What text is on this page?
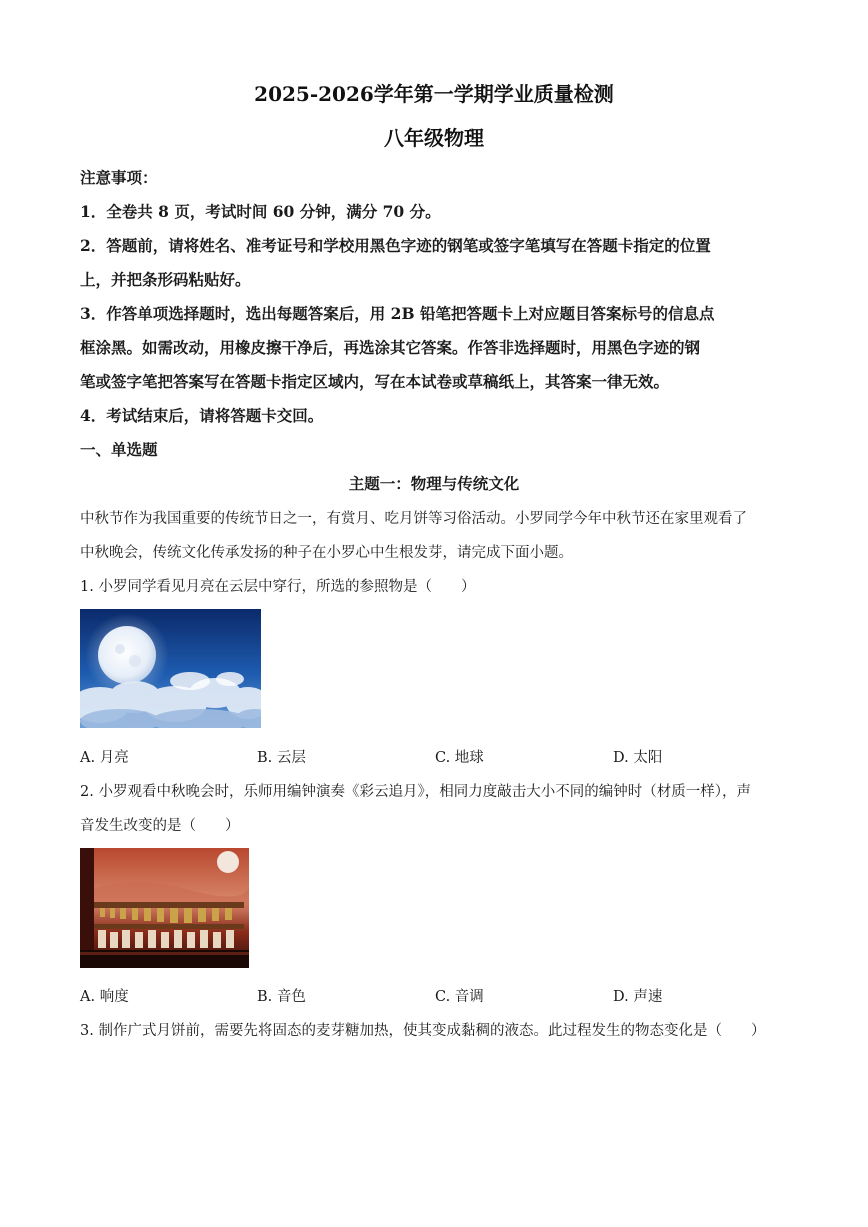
2025-2026学年第一学期学业质量检测
八年级物理
注意事项：
1．全卷共 8 页，考试时间 60 分钟，满分 70 分。
2．答题前，请将姓名、准考证号和学校用黑色字迹的钢笔或签字笔填写在答题卡指定的位置
上，并把条形码粘贴好。
3．作答单项选择题时，选出每题答案后，用 2B 铅笔把答题卡上对应题目答案标号的信息点
框涂黑。如需改动，用橡皮擦干净后，再选涂其它答案。作答非选择题时，用黑色字迹的钢
笔或签字笔把答案写在答题卡指定区域内，写在本试卷或草稿纸上，其答案一律无效。
4．考试结束后，请将答题卡交回。
一、单选题
主题一：物理与传统文化
中秋节作为我国重要的传统节日之一，有赏月、吃月饼等习俗活动。小罗同学今年中秋节还在家里观看了
中秋晚会，传统文化传承发扬的种子在小罗心中生根发芽，请完成下面小题。
1. 小罗同学看见月亮在云层中穿行，所选的参照物是（　　）
A. 月亮	B. 云层	C. 地球	D. 太阳
2. 小罗观看中秋晚会时，乐师用编钟演奏《彩云追月》，相同力度敲击大小不同的编钟时（材质一样），声
音发生改变的是（　　）
A. 响度	B. 音色	C. 音调	D. 声速
3. 制作广式月饼前，需要先将固态的麦芽糖加热，使其变成黏稠的液态。此过程发生的物态变化是（　　）
